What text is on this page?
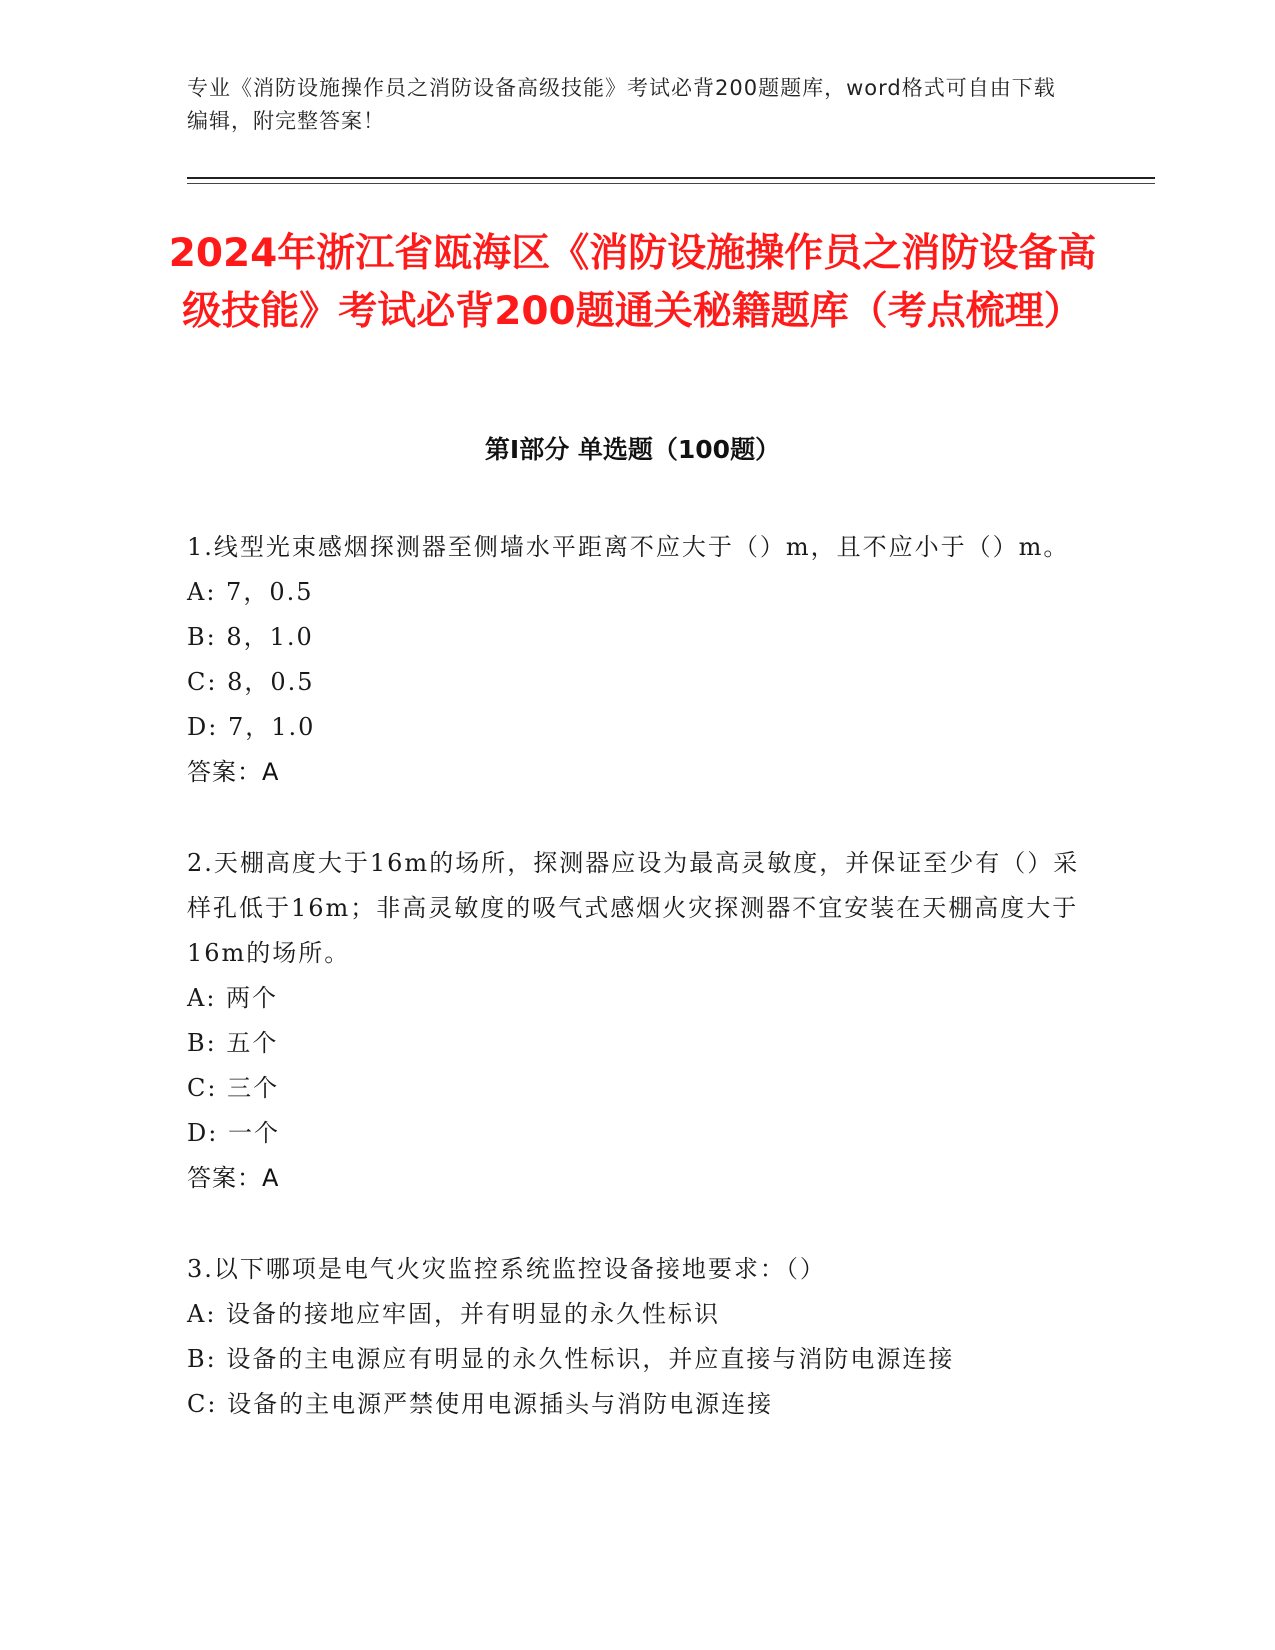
专业《消防设施操作员之消防设备高级技能》考试必背200题题库，word格式可自由下载编辑，附完整答案！
2024年浙江省瓯海区《消防设施操作员之消防设备高级技能》考试必背200题通关秘籍题库（考点梳理）
第I部分 单选题（100题）

1.线型光束感烟探测器至侧墙水平距离不应大于（）m，且不应小于（）m。

A: 7，0.5

B: 8，1.0

C: 8，0.5

D: 7，1.0

答案：A

2.天棚高度大于16m的场所，探测器应设为最高灵敏度，并保证至少有（）采样孔低于16m；非高灵敏度的吸气式感烟火灾探测器不宜安装在天棚高度大于16m的场所。

A: 两个

B: 五个

C: 三个

D: 一个

答案：A

3.以下哪项是电气火灾监控系统监控设备接地要求：（）

A: 设备的接地应牢固，并有明显的永久性标识

B: 设备的主电源应有明显的永久性标识，并应直接与消防电源连接

C: 设备的主电源严禁使用电源插头与消防电源连接
